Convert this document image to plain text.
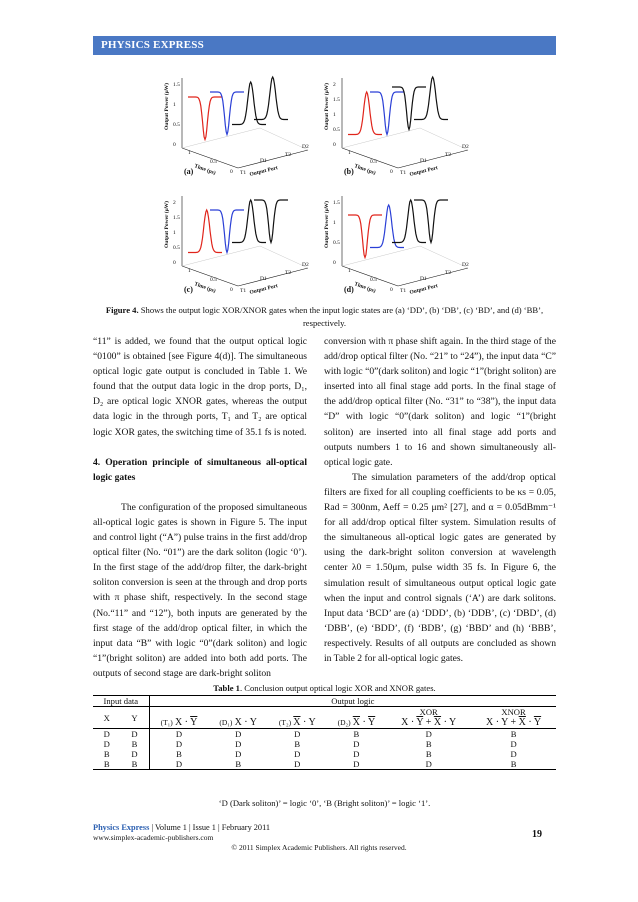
PHYSICS EXPRESS
Output Power (μW)
0
0.5
1
1.5
0.5
0
1
Time (ps)	Output Port
T1
D1
T2
D2
(a)
Output Power (μW)
0
0.5
1
1.5
2
0.5
0
1
Time (ps)	Output Port
T1
D1
T2
D2
(b)
Output Power (μW)
0
0.5
1
1.5
2
0.5
0
1
Time (ps)	Output Port
T1
D1
T2
D2
(c)
Output Power (μW)
0
0.5
1
1.5
0.5
0
1
Time (ps)	Output Port
T1
D1
T2
D2
(d)
Figure 4. Shows the output logic XOR/XNOR gates when the input logic states are (a) ‘DD’, (b) ‘DB’, (c) ‘BD’, and (d) ‘BB’, respectively.

“11” is added, we found that the output optical logic “0100” is obtained [see Figure 4(d)]. The simultaneous optical logic gate output is concluded in Table 1. We found that the output data logic in the drop ports, D₁, D₂ are optical logic XNOR gates, whereas the output data logic in the through ports, T₁ and T₂ are optical logic XOR gates, the switching time of 35.1 fs is noted.

4. Operation principle of simultaneous all-optical logic gates

The configuration of the proposed simultaneous all-optical logic gates is shown in Figure 5. The input and control light (“A”) pulse trains in the first add/drop optical filter (No. “01”) are the dark soliton (logic ‘0’). In the first stage of the add/drop filter, the dark-bright soliton conversion is seen at the through and drop ports with π phase shift, respectively. In the second stage (No.“11” and “12”), both inputs are generated by the first stage of the add/drop optical filter, in which the input data “B” with logic “0”(dark soliton) and logic “1”(bright soliton) are added into both add ports. The outputs of second stage are dark-bright soliton

conversion with π phase shift again. In the third stage of the add/drop optical filter (No. “21” to “24”), the input data “C” with logic “0”(dark soliton) and logic “1”(bright soliton) are inserted into all final stage add ports. In the final stage of the add/drop optical filter (No. “31” to “38”), the input data “D” with logic “0”(dark soliton) and logic “1”(bright soliton) are inserted into all final stage add ports and outputs numbers 1 to 16 and shown simultaneously all-optical logic gate.

The simulation parameters of the add/drop optical filters are fixed for all coupling coefficients to be κs = 0.05, Rad = 300nm, Aeff = 0.25 μm² [27], and α = 0.05dBmm⁻¹ for all add/drop optical filter system. Simulation results of the simultaneous all-optical logic gates are generated by using the dark-bright soliton conversion at wavelength center λ0 = 1.50μm, pulse width 35 fs. In Figure 6, the simulation result of simultaneous output optical logic gate when the input and control signals (‘A’) are dark solitons. Input data ‘BCD’ are (a) ‘DDD’, (b) ‘DDB’, (c) ‘DBD’, (d) ‘DBB’, (e) ‘BDD’, (f) ‘BDB’, (g) ‘BBD’ and (h) ‘BBB’, respectively. Results of all outputs are concluded as shown in Table 2 for all-optical logic gates.

Table 1. Conclusion output optical logic XOR and XNOR gates.
Input data		Output logic					
X	Y					XOR	XNOR
		(T₁) $X \cdot \overline{Y}$	(D₁) X · Y	(T₂) $\overline{X} \cdot Y$	(D₂) $\overline{X} \cdot \overline{Y}$	$X \cdot \overline{Y} + \overline{X} \cdot Y$	$X \cdot Y + \overline{X} \cdot \overline{Y}$
D	D	D	D	D	B	D	B
D	B	D	D	B	D	B	D
B	D	B	D	D	D	B	D
B	B	D	B	D	D	D	B
‘D (Dark soliton)’ = logic ‘0’, ‘B (Bright soliton)’ = logic ‘1’.
Physics Express | Volume 1 | Issue 1 | February 2011
www.simplex-academic-publishers.com	19
© 2011 Simplex Academic Publishers. All rights reserved.
